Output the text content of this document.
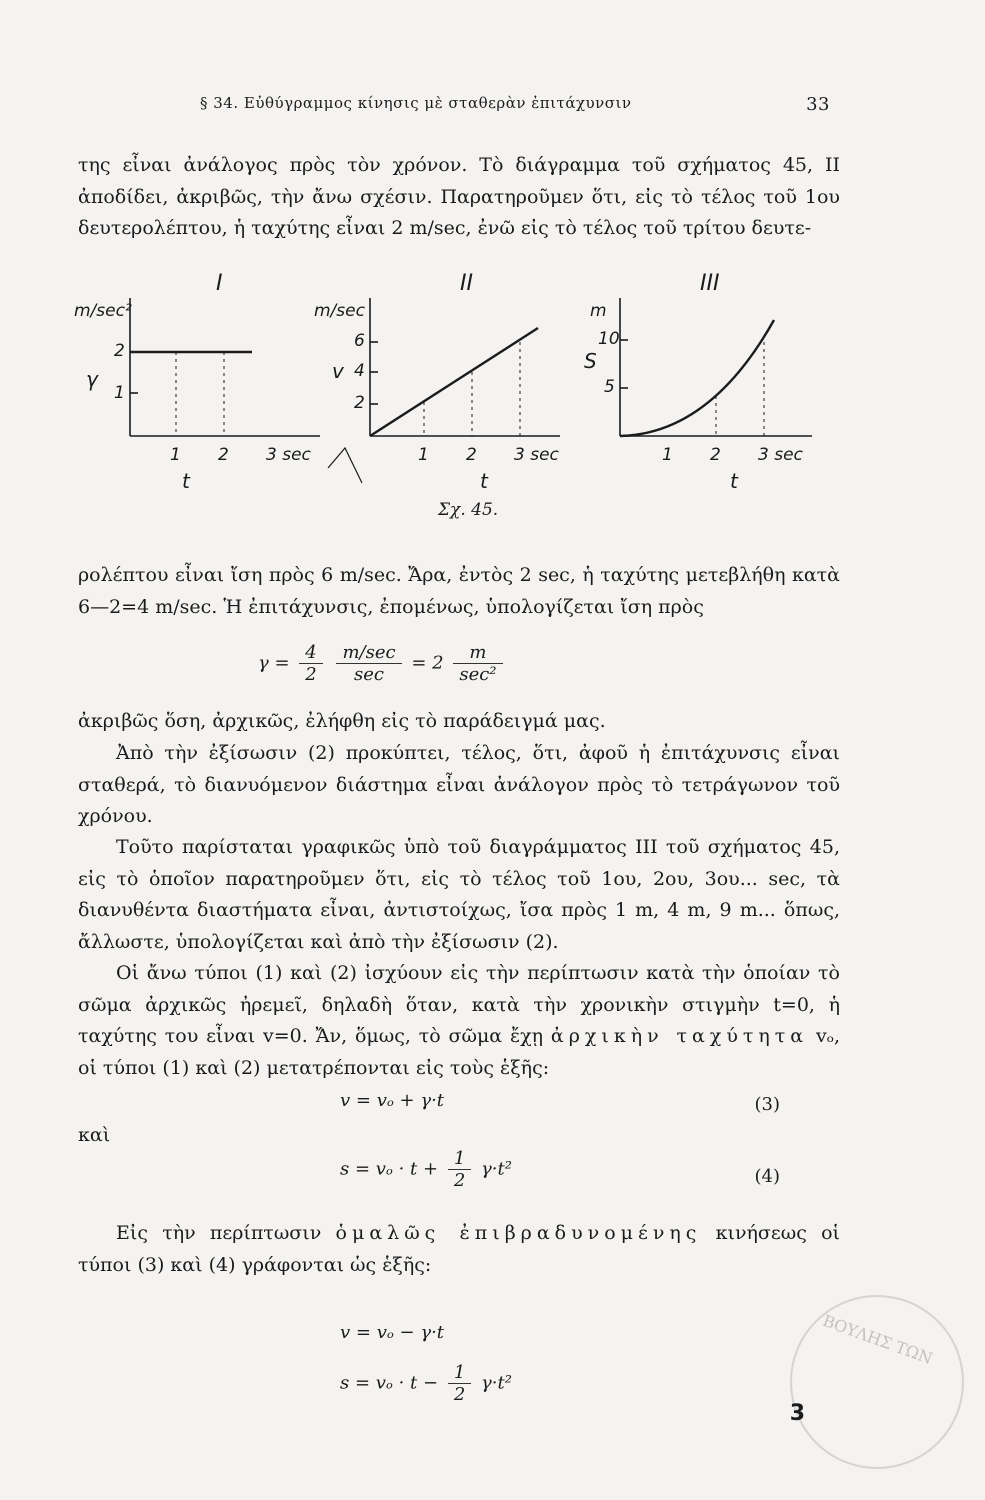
§ 34. Εὐθύγραμμος κίνησις μὲ σταθερὰν ἐπιτάχυνσιν	33

της εἶναι ἀνάλογος πρὸς τὸν χρόνον. Τὸ διάγραμμα τοῦ σχήματος 45, II ἀποδίδει, ἀκριβῶς, τὴν ἄνω σχέσιν. Παρατηροῦμεν ὅτι, εἰς τὸ τέλος τοῦ 1ου δευτερολέπτου, ἡ ταχύτης εἶναι 2 m/sec, ἐνῶ εἰς τὸ τέλος τοῦ τρίτου δευτε-

I
m/sec²
γ
2
1
1 2 3 sec
t
II
m/sec
v
6
4
2
1 2 3 sec
t
III
m
S
10
5
1 2 3 sec
t
Σχ. 45.

ρολέπτου εἶναι ἴση πρὸς 6 m/sec. Ἄρα, ἐντὸς 2 sec, ἡ ταχύτης μετεβλήθη κατὰ 6—2=4 m/sec. Ἡ ἐπιτάχυνσις, ἐπομένως, ὑπολογίζεται ἴση πρὸς

$\gamma = \frac{4}{2}$
$\frac{m/\sec}{\sec} = 2 \frac{m}{\text{sec²}}$

ἀκριβῶς ὅση, ἀρχικῶς, ἐλήφθη εἰς τὸ παράδειγμά μας.

Ἀπὸ τὴν ἐξίσωσιν (2) προκύπτει, τέλος, ὅτι, ἀφοῦ ἡ ἐπιτάχυνσις εἶναι σταθερά, τὸ διανυόμενον διάστημα εἶναι ἀνάλογον πρὸς τὸ τετράγωνον τοῦ χρόνου.

Τοῦτο παρίσταται γραφικῶς ὑπὸ τοῦ διαγράμματος III τοῦ σχήματος 45, εἰς τὸ ὁποῖον παρατηροῦμεν ὅτι, εἰς τὸ τέλος τοῦ 1ου, 2ου, 3ου... sec, τὰ διανυθέντα διαστήματα εἶναι, ἀντιστοίχως, ἴσα πρὸς 1 m, 4 m, 9 m... ὅπως, ἄλλωστε, ὑπολογίζεται καὶ ἀπὸ τὴν ἐξίσωσιν (2).

Οἱ ἄνω τύποι (1) καὶ (2) ἰσχύουν εἰς τὴν περίπτωσιν κατὰ τὴν ὁποίαν τὸ σῶμα ἀρχικῶς ἠρεμεῖ, δηλαδὴ ὅταν, κατὰ τὴν χρονικὴν στιγμὴν t=0, ἡ ταχύτης του εἶναι v=0. Ἄν, ὅμως, τὸ σῶμα ἔχῃ ἀρχικὴν ταχύτητα vₒ, οἱ τύποι (1) καὶ (2) μετατρέπονται εἰς τοὺς ἑξῆς:

v = vₒ + γ·t	(3)

καὶ

$s = v_o \cdot t + \frac{1}{2} \gamma\cdot t^2$	(4)

Εἰς τὴν περίπτωσιν ὁμαλῶς ἐπιβραδυνομένης κινήσεως οἱ τύποι (3) καὶ (4) γράφονται ὡς ἑξῆς:

v = vₒ − γ·t
$s = v_o \cdot t - \frac{1}{2} \gamma\cdot t^2$
ΒΟΥΛΗΣ ΤΩΝ
3
